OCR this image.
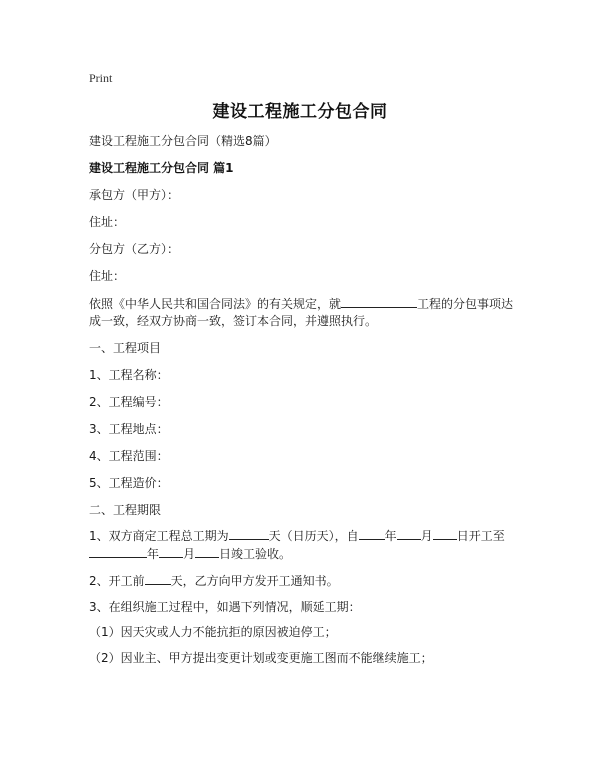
Print
建设工程施工分包合同
建设工程施工分包合同（精选8篇）
建设工程施工分包合同 篇1
承包方（甲方）：
住址：
分包方（乙方）：
住址：
依照《中华人民共和国合同法》的有关规定，就	工程的分包事项达
成一致，经双方协商一致，签订本合同，并遵照执行。
一、工程项目
1、工程名称：
2、工程编号：
3、工程地点：
4、工程范围：
5、工程造价：
二、工程期限
1、双方商定工程总工期为	天（日历天），自 年 月 日开工至
年 月 日竣工验收。
2、开工前 天，乙方向甲方发开工通知书。
3、在组织施工过程中，如遇下列情况，顺延工期：
（1）因天灾或人力不能抗拒的原因被迫停工；
（2）因业主、甲方提出变更计划或变更施工图而不能继续施工；
